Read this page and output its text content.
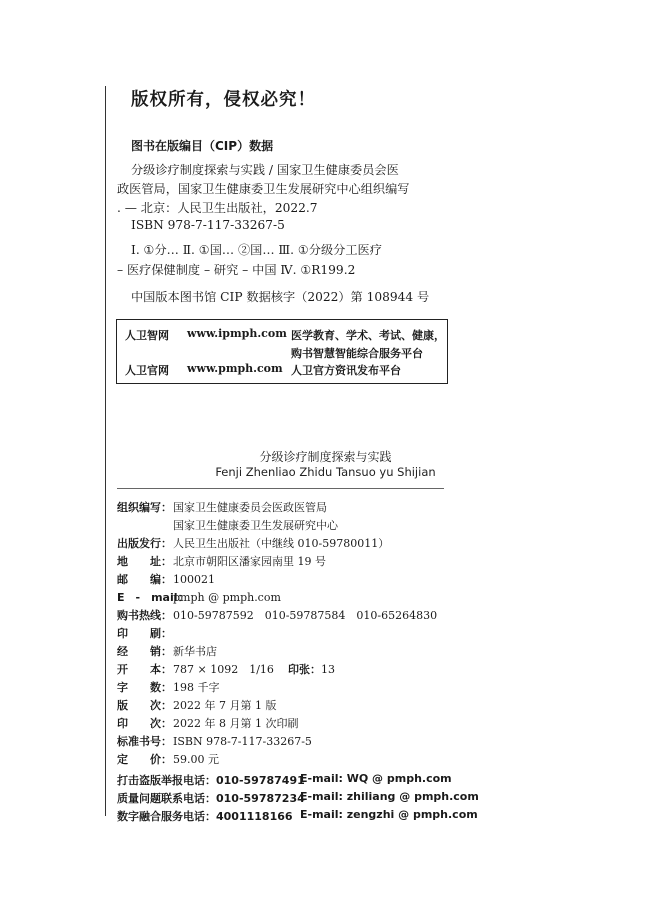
版权所有，侵权必究！
图书在版编目（CIP）数据
分级诊疗制度探索与实践 / 国家卫生健康委员会医
政医管局，国家卫生健康委卫生发展研究中心组织编写
. — 北京：人民卫生出版社，2022.7
ISBN 978-7-117-33267-5
Ⅰ. ①分… Ⅱ. ①国… ②国… Ⅲ. ①分级分工医疗
– 医疗保健制度 – 研究 – 中国 Ⅳ. ①R199.2
中国版本图书馆 CIP 数据核字（2022）第 108944 号
人卫智网 www.ipmph.com 医学教育、学术、考试、健康，
购书智慧智能综合服务平台
人卫官网 www.pmph.com 人卫官方资讯发布平台
分级诊疗制度探索与实践
Fenji Zhenliao Zhidu Tansuo yu Shijian
组织编写：国家卫生健康委员会医政医管局
国家卫生健康委卫生发展研究中心
出版发行：人民卫生出版社（中继线 010-59780011）
地　　址：北京市朝阳区潘家园南里 19 号
邮　　编：100021
E　-　mail：pmph @ pmph.com
购书热线：010-59787592　010-59787584　010-65264830
印　　刷：
经　　销：新华书店
开　　本：787 × 1092　1/16 印张：13
字　　数：198 千字
版　　次：2022 年 7 月第 1 版
印　　次：2022 年 8 月第 1 次印刷
标准书号：ISBN 978-7-117-33267-5
定　　价：59.00 元
打击盗版举报电话：010-59787491
E-mail: WQ @ pmph.com
质量问题联系电话：010-59787234
E-mail: zhiliang @ pmph.com
数字融合服务电话：4001118166 E-mail: zengzhi @ pmph.com
